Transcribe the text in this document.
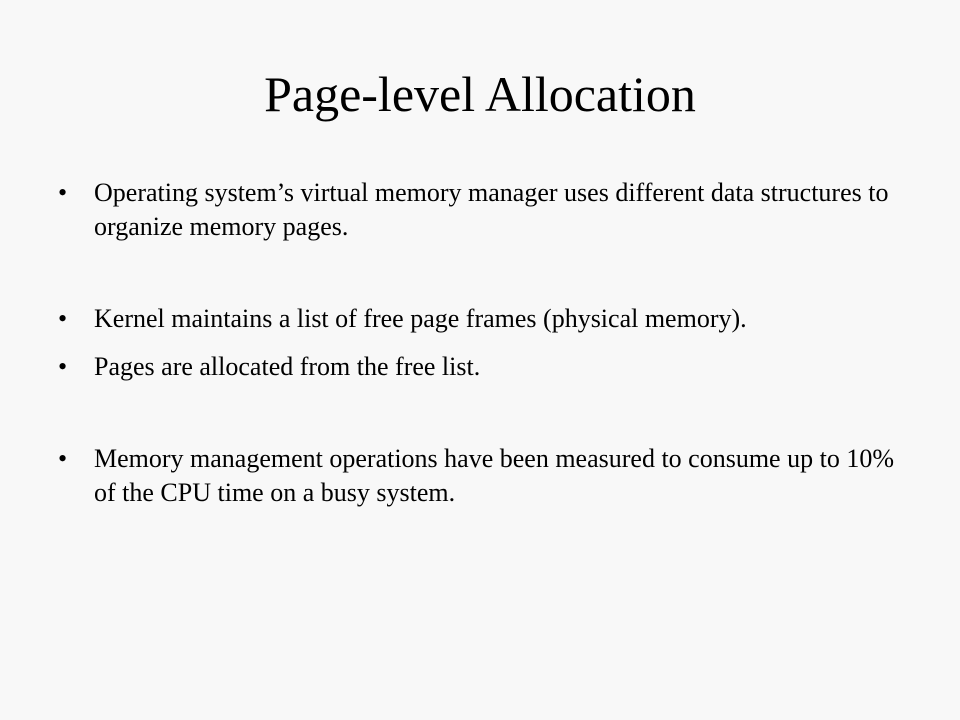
Page-level Allocation
• Operating system’s virtual memory manager uses different data structures to organize memory pages.
• Kernel maintains a list of free page frames (physical memory).
• Pages are allocated from the free list.
• Memory management operations have been measured to consume up to 10% of the CPU time on a busy system.
